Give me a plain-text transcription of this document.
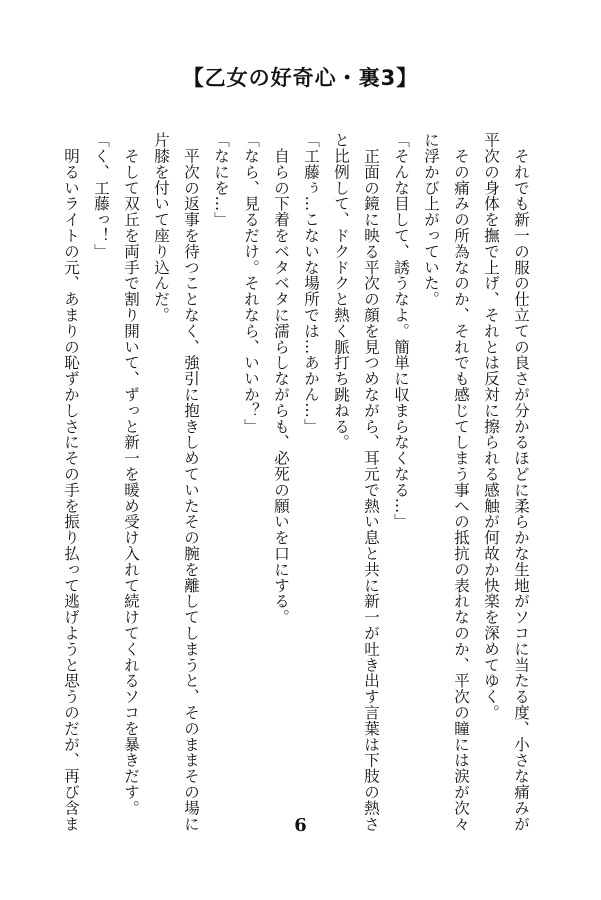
【乙女の好奇心・裏3】
　それでも新一の服の仕立ての良さが分かるほどに柔らかな生地がソコに当たる度、小さな痛みが
平次の身体を撫で上げ、それとは反対に擦られる感触が何故か快楽を深めてゆく。
　その痛みの所為なのか、それでも感じてしまう事への抵抗の表れなのか、平次の瞳には涙が次々
に浮かび上がっていた。
「そんな目して、誘うなよ。簡単に収まらなくなる…」
　正面の鏡に映る平次の顔を見つめながら、耳元で熱い息と共に新一が吐き出す言葉は下肢の熱さ
と比例して、ドクドクと熱く脈打ち跳ねる。
「工藤ぅ…こないな場所では…あかん…」
　自らの下着をベタベタに濡らしながらも、必死の願いを口にする。
「なら、見るだけ。それなら、いいか？」
「なにを…」
　平次の返事を待つことなく、強引に抱きしめていたその腕を離してしまうと、そのままその場に
片膝を付いて座り込んだ。
　そして双丘を両手で割り開いて、ずっと新一を暖め受け入れて続けてくれるソコを暴きだす。
「く、工藤っ！」
　明るいライトの元、あまりの恥ずかしさにその手を振り払って逃げようと思うのだが、再び含ま	6
